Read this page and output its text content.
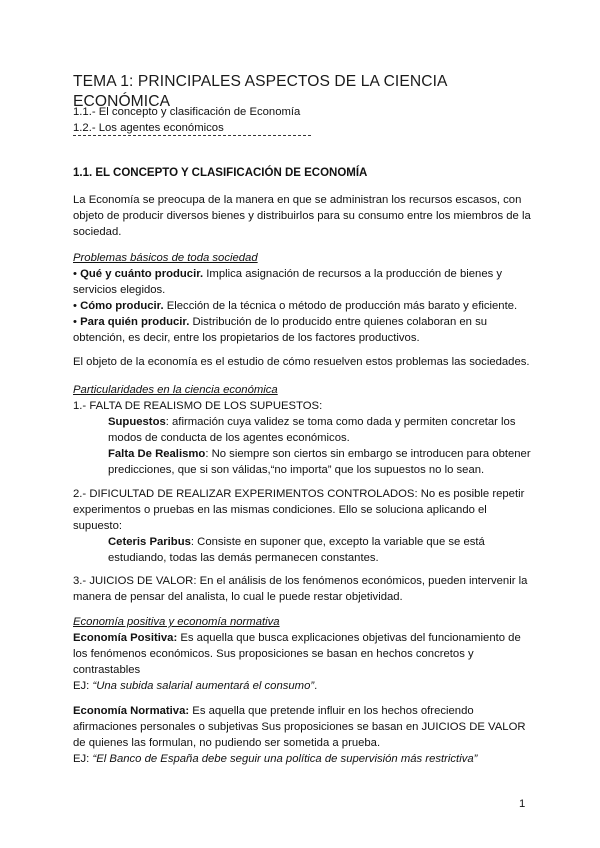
TEMA 1: PRINCIPALES ASPECTOS DE LA CIENCIA ECONÓMICA
1.1.- El concepto y clasificación de Economía
1.2.- Los agentes económicos
1.1. EL CONCEPTO Y CLASIFICACIÓN DE ECONOMÍA

La Economía se preocupa de la manera en que se administran los recursos escasos, con objeto de producir diversos bienes y distribuirlos para su consumo entre los miembros de la sociedad.

Problemas básicos de toda sociedad
• Qué y cuánto producir. Implica asignación de recursos a la producción de bienes y servicios elegidos.
• Cómo producir. Elección de la técnica o método de producción más barato y eficiente.
• Para quién producir. Distribución de lo producido entre quienes colaboran en su obtención, es decir, entre los propietarios de los factores productivos.

El objeto de la economía es el estudio de cómo resuelven estos problemas las sociedades.

Particularidades en la ciencia económica
1.- FALTA DE REALISMO DE LOS SUPUESTOS:
Supuestos: afirmación cuya validez se toma como dada y permiten concretar los modos de conducta de los agentes económicos.
Falta De Realismo: No siempre son ciertos sin embargo se introducen para obtener predicciones, que si son válidas,“no importa” que los supuestos no lo sean.
2.- DIFICULTAD DE REALIZAR EXPERIMENTOS CONTROLADOS: No es posible repetir experimentos o pruebas en las mismas condiciones. Ello se soluciona aplicando el supuesto:
Ceteris Paribus: Consiste en suponer que, excepto la variable que se está estudiando, todas las demás permanecen constantes.

3.- JUICIOS DE VALOR: En el análisis de los fenómenos económicos, pueden intervenir la manera de pensar del analista, lo cual le puede restar objetividad.

Economía positiva y economía normativa
Economía Positiva: Es aquella que busca explicaciones objetivas del funcionamiento de los fenómenos económicos. Sus proposiciones se basan en hechos concretos y contrastables
EJ: “Una subida salarial aumentará el consumo”.
Economía Normativa: Es aquella que pretende influir en los hechos ofreciendo afirmaciones personales o subjetivas Sus proposiciones se basan en JUICIOS DE VALOR de quienes las formulan, no pudiendo ser sometida a prueba.
EJ: “El Banco de España debe seguir una política de supervisión más restrictiva”
1
